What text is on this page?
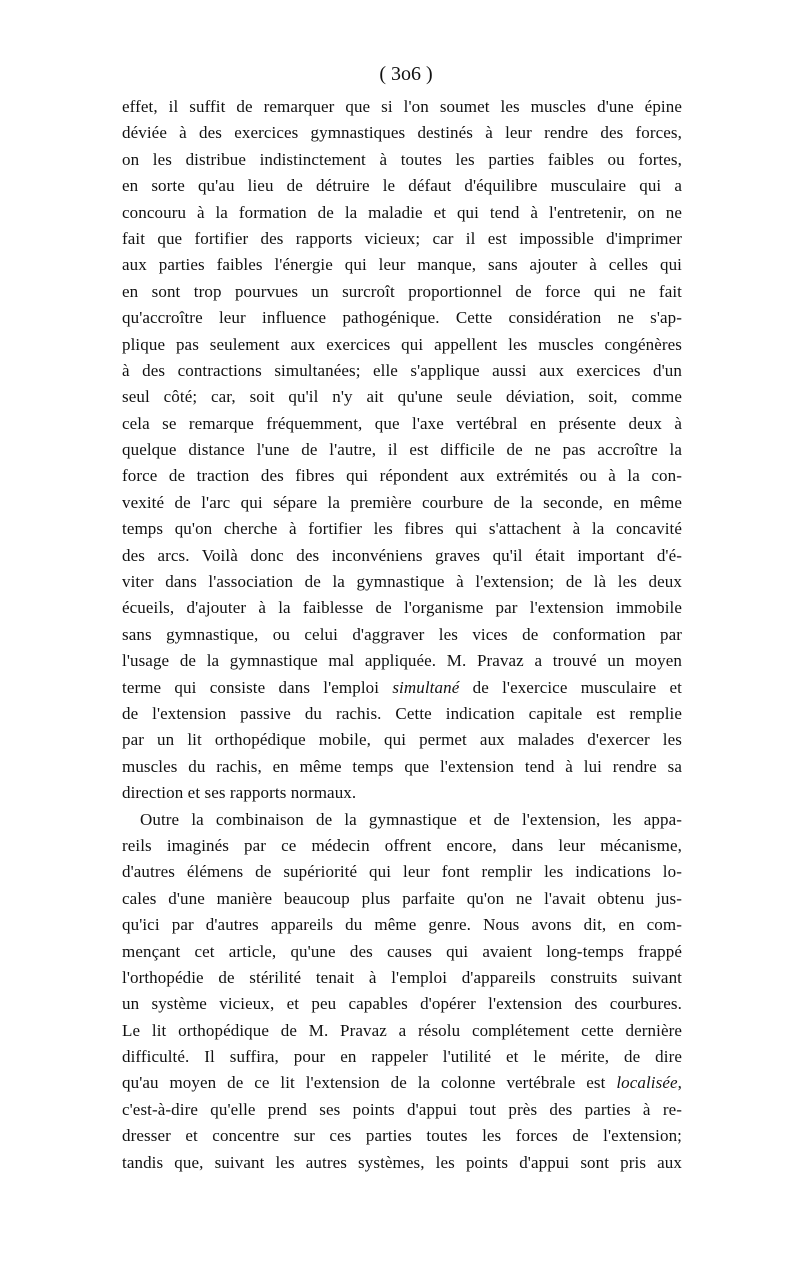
( 3o6 )
effet, il suffit de remarquer que si l'on soumet les muscles d'une épine
déviée à des exercices gymnastiques destinés à leur rendre des forces,
on les distribue indistinctement à toutes les parties faibles ou fortes,
en sorte qu'au lieu de détruire le défaut d'équilibre musculaire qui a
concouru à la formation de la maladie et qui tend à l'entretenir, on ne
fait que fortifier des rapports vicieux; car il est impossible d'imprimer
aux parties faibles l'énergie qui leur manque, sans ajouter à celles qui
en sont trop pourvues un surcroît proportionnel de force qui ne fait
qu'accroître leur influence pathogénique. Cette considération ne s'ap-
plique pas seulement aux exercices qui appellent les muscles congénères
à des contractions simultanées; elle s'applique aussi aux exercices d'un
seul côté; car, soit qu'il n'y ait qu'une seule déviation, soit, comme
cela se remarque fréquemment, que l'axe vertébral en présente deux à
quelque distance l'une de l'autre, il est difficile de ne pas accroître la
force de traction des fibres qui répondent aux extrémités ou à la con-
vexité de l'arc qui sépare la première courbure de la seconde, en même
temps qu'on cherche à fortifier les fibres qui s'attachent à la concavité
des arcs. Voilà donc des inconvéniens graves qu'il était important d'é-
viter dans l'association de la gymnastique à l'extension; de là les deux
écueils, d'ajouter à la faiblesse de l'organisme par l'extension immobile
sans gymnastique, ou celui d'aggraver les vices de conformation par
l'usage de la gymnastique mal appliquée. M. Pravaz a trouvé un moyen
terme qui consiste dans l'emploi simultané de l'exercice musculaire et
de l'extension passive du rachis. Cette indication capitale est remplie
par un lit orthopédique mobile, qui permet aux malades d'exercer les
muscles du rachis, en même temps que l'extension tend à lui rendre sa
direction et ses rapports normaux.
Outre la combinaison de la gymnastique et de l'extension, les appa-
reils imaginés par ce médecin offrent encore, dans leur mécanisme,
d'autres élémens de supériorité qui leur font remplir les indications lo-
cales d'une manière beaucoup plus parfaite qu'on ne l'avait obtenu jus-
qu'ici par d'autres appareils du même genre. Nous avons dit, en com-
mençant cet article, qu'une des causes qui avaient long-temps frappé
l'orthopédie de stérilité tenait à l'emploi d'appareils construits suivant
un système vicieux, et peu capables d'opérer l'extension des courbures.
Le lit orthopédique de M. Pravaz a résolu complétement cette dernière
difficulté. Il suffira, pour en rappeler l'utilité et le mérite, de dire
qu'au moyen de ce lit l'extension de la colonne vertébrale est localisée,
c'est-à-dire qu'elle prend ses points d'appui tout près des parties à re-
dresser et concentre sur ces parties toutes les forces de l'extension;
tandis que, suivant les autres systèmes, les points d'appui sont pris aux
